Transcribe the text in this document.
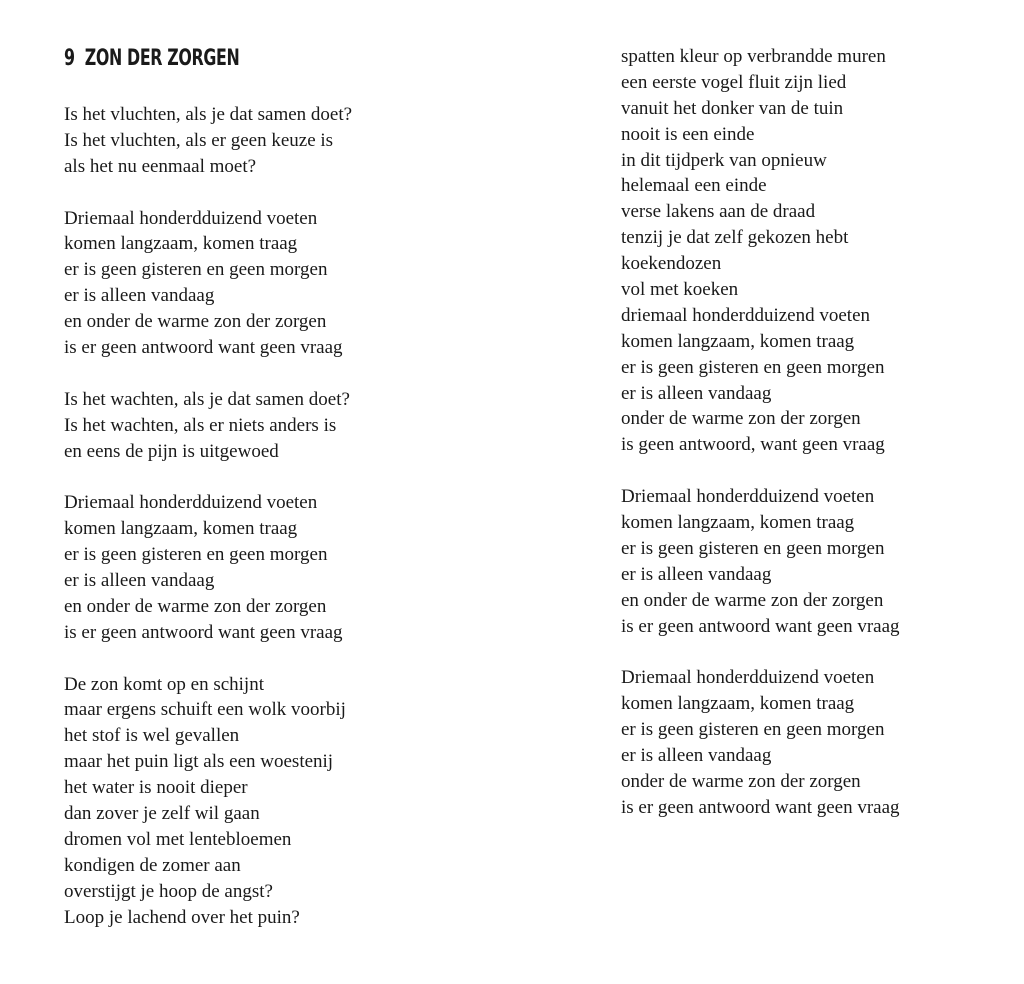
9 ZON DER ZORGEN
Is het vluchten, als je dat samen doet?
Is het vluchten, als er geen keuze is
als het nu eenmaal moet?
Driemaal honderdduizend voeten
komen langzaam, komen traag
er is geen gisteren en geen morgen
er is alleen vandaag
en onder de warme zon der zorgen
is er geen antwoord want geen vraag
Is het wachten, als je dat samen doet?
Is het wachten, als er niets anders is
en eens de pijn is uitgewoed
Driemaal honderdduizend voeten
komen langzaam, komen traag
er is geen gisteren en geen morgen
er is alleen vandaag
en onder de warme zon der zorgen
is er geen antwoord want geen vraag
De zon komt op en schijnt
maar ergens schuift een wolk voorbij
het stof is wel gevallen
maar het puin ligt als een woestenij
het water is nooit dieper
dan zover je zelf wil gaan
dromen vol met lentebloemen
kondigen de zomer aan
overstijgt je hoop de angst?
Loop je lachend over het puin?
spatten kleur op verbrandde muren
een eerste vogel fluit zijn lied
vanuit het donker van de tuin
nooit is een einde
in dit tijdperk van opnieuw
helemaal een einde
verse lakens aan de draad
tenzij je dat zelf gekozen hebt
koekendozen
vol met koeken
driemaal honderdduizend voeten
komen langzaam, komen traag
er is geen gisteren en geen morgen
er is alleen vandaag
onder de warme zon der zorgen
is geen antwoord, want geen vraag
Driemaal honderdduizend voeten
komen langzaam, komen traag
er is geen gisteren en geen morgen
er is alleen vandaag
en onder de warme zon der zorgen
is er geen antwoord want geen vraag
Driemaal honderdduizend voeten
komen langzaam, komen traag
er is geen gisteren en geen morgen
er is alleen vandaag
onder de warme zon der zorgen
is er geen antwoord want geen vraag
